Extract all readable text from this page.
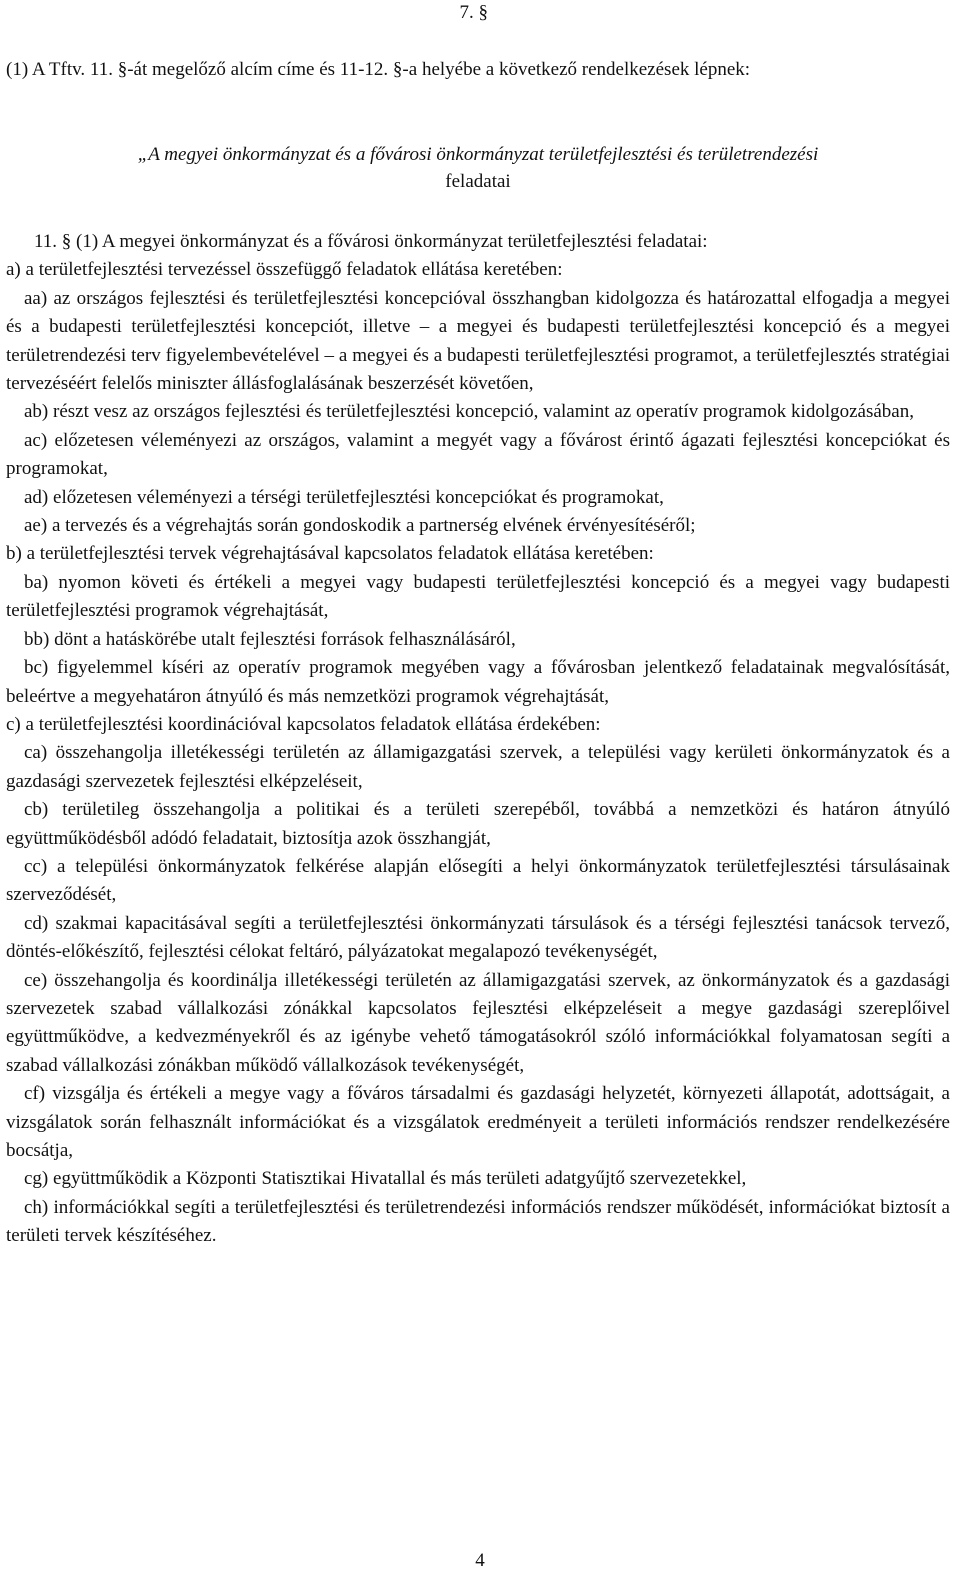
7. §
(1) A Tftv. 11. §-át megelőző alcím címe és 11-12. §-a helyébe a következő rendelkezések lépnek:
„A megyei önkormányzat és a fővárosi önkormányzat területfejlesztési és területrendezési
feladatai

11. § (1) A megyei önkormányzat és a fővárosi önkormányzat területfejlesztési feladatai:

a) a területfejlesztési tervezéssel összefüggő feladatok ellátása keretében:

aa) az országos fejlesztési és területfejlesztési koncepcióval összhangban kidolgozza és határozattal elfogadja a megyei és a budapesti területfejlesztési koncepciót, illetve – a megyei és budapesti területfejlesztési koncepció és a megyei területrendezési terv figyelembevételével – a megyei és a budapesti területfejlesztési programot, a területfejlesztés stratégiai tervezéséért felelős miniszter állásfoglalásának beszerzését követően,

ab) részt vesz az országos fejlesztési és területfejlesztési koncepció, valamint az operatív programok kidolgozásában,

ac) előzetesen véleményezi az országos, valamint a megyét vagy a fővárost érintő ágazati fejlesztési koncepciókat és programokat,

ad) előzetesen véleményezi a térségi területfejlesztési koncepciókat és programokat,

ae) a tervezés és a végrehajtás során gondoskodik a partnerség elvének érvényesítéséről;

b) a területfejlesztési tervek végrehajtásával kapcsolatos feladatok ellátása keretében:

ba) nyomon követi és értékeli a megyei vagy budapesti területfejlesztési koncepció és a megyei vagy budapesti területfejlesztési programok végrehajtását,

bb) dönt a hatáskörébe utalt fejlesztési források felhasználásáról,

bc) figyelemmel kíséri az operatív programok megyében vagy a fővárosban jelentkező feladatainak megvalósítását, beleértve a megyehatáron átnyúló és más nemzetközi programok végrehajtását,

c) a területfejlesztési koordinációval kapcsolatos feladatok ellátása érdekében:

ca) összehangolja illetékességi területén az államigazgatási szervek, a települési vagy kerületi önkormányzatok és a gazdasági szervezetek fejlesztési elképzeléseit,

cb) területileg összehangolja a politikai és a területi szerepéből, továbbá a nemzetközi és határon átnyúló együttműködésből adódó feladatait, biztosítja azok összhangját,

cc) a települési önkormányzatok felkérése alapján elősegíti a helyi önkormányzatok területfejlesztési társulásainak szerveződését,

cd) szakmai kapacitásával segíti a területfejlesztési önkormányzati társulások és a térségi fejlesztési tanácsok tervező, döntés-előkészítő, fejlesztési célokat feltáró, pályázatokat megalapozó tevékenységét,

ce) összehangolja és koordinálja illetékességi területén az államigazgatási szervek, az önkormányzatok és a gazdasági szervezetek szabad vállalkozási zónákkal kapcsolatos fejlesztési elképzeléseit a megye gazdasági szereplőivel együttműködve, a kedvezményekről és az igénybe vehető támogatásokról szóló információkkal folyamatosan segíti a szabad vállalkozási zónákban működő vállalkozások tevékenységét,

cf) vizsgálja és értékeli a megye vagy a főváros társadalmi és gazdasági helyzetét, környezeti állapotát, adottságait, a vizsgálatok során felhasznált információkat és a vizsgálatok eredményeit a területi információs rendszer rendelkezésére bocsátja,

cg) együttműködik a Központi Statisztikai Hivatallal és más területi adatgyűjtő szervezetekkel,

ch) információkkal segíti a területfejlesztési és területrendezési információs rendszer működését, információkat biztosít a területi tervek készítéséhez.

4
